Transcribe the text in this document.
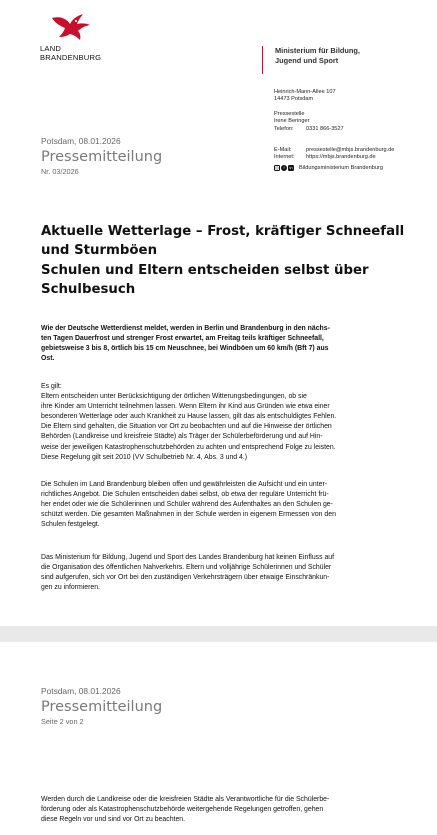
LAND
BRANDENBURG
Ministerium für Bildung,
Jugend und Sport
Heinrich-Mann-Allee 107
14473 Potsdam
Pressestelle
Irene Beringer
Telefon:	0331 866-3527
E-Mail:	pressestelle@mbjs.brandenburg.de
Internet:	https://mbjs.brandenburg.de
◎	f	in Bildungsministerium Brandenburg
Potsdam, 08.01.2026
Pressemitteilung
Nr. 03/2026
Aktuelle Wetterlage – Frost, kräftiger Schneefall
und Sturmböen
Schulen und Eltern entscheiden selbst über
Schulbesuch
Wie der Deutsche Wetterdienst meldet, werden in Berlin und Brandenburg in den nächs-
ten Tagen Dauerfrost und strenger Frost erwartet, am Freitag teils kräftiger Schneefall,
gebietsweise 3 bis 8, örtlich bis 15 cm Neuschnee, bei Windböen um 60 km/h (Bft 7) aus
Ost.
Es gilt:
Eltern entscheiden unter Berücksichtigung der örtlichen Witterungsbedingungen, ob sie
ihre Kinder am Unterricht teilnehmen lassen. Wenn Eltern ihr Kind aus Gründen wie etwa einer
besonderen Wetterlage oder auch Krankheit zu Hause lassen, gilt das als entschuldigtes Fehlen.
Die Eltern sind gehalten, die Situation vor Ort zu beobachten und auf die Hinweise der örtlichen
Behörden (Landkreise und kreisfreie Städte) als Träger der Schülerbeförderung und auf Hin-
weise der jeweiligen Katastrophenschutzbehörden zu achten und entsprechend Folge zu leisten.
Diese Regelung gilt seit 2010 (VV Schulbetrieb Nr. 4, Abs. 3 und 4.)
Die Schulen im Land Brandenburg bleiben offen und gewährleisten die Aufsicht und ein unter-
richtliches Angebot. Die Schulen entscheiden dabei selbst, ob etwa der reguläre Unterricht frü-
her endet oder wie die Schülerinnen und Schüler während des Aufenthaltes an den Schulen ge-
schützt werden. Die gesamten Maßnahmen in der Schule werden in eigenem Ermessen von den
Schulen festgelegt.
Das Ministerium für Bildung, Jugend und Sport des Landes Brandenburg hat keinen Einfluss auf
die Organisation des öffentlichen Nahverkehrs. Eltern und volljährige Schülerinnen und Schüler
sind aufgerufen, sich vor Ort bei den zuständigen Verkehrsträgern über etwaige Einschränkun-
gen zu informieren.
Potsdam, 08.01.2026
Pressemitteilung
Seite 2 von 2
Werden durch die Landkreise oder die kreisfreien Städte als Verantwortliche für die Schülerbe-
förderung oder als Katastrophenschutzbehörde weitergehende Regelungen getroffen, gehen
diese Regeln vor und sind vor Ort zu beachten.
